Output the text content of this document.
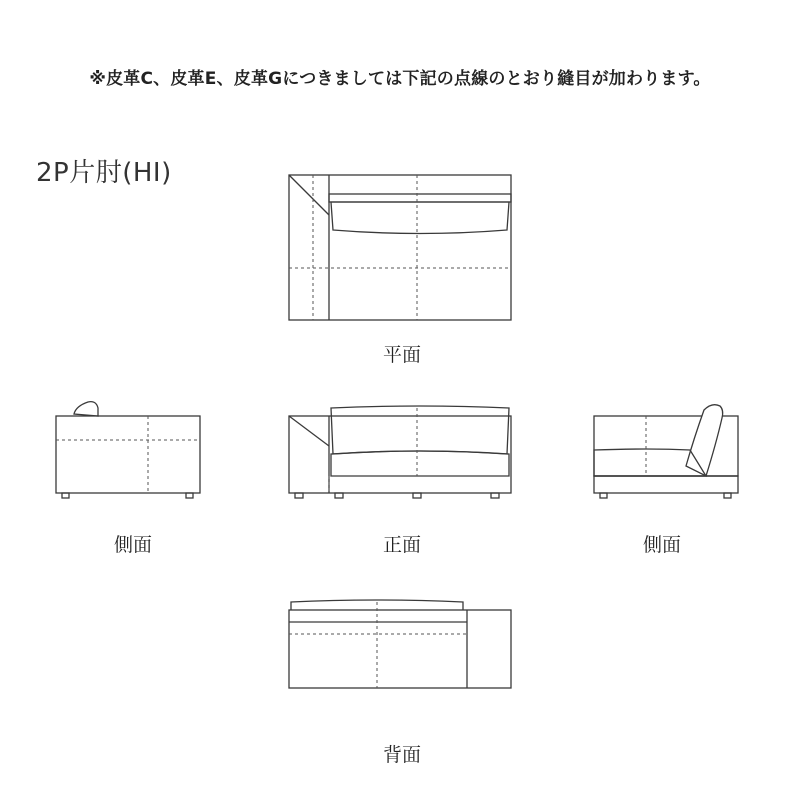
※皮革C、皮革E、皮革Gにつきましては下記の点線のとおり縫目が加わります。
2P片肘(HI)
平面
側面	正面	側面
背面
